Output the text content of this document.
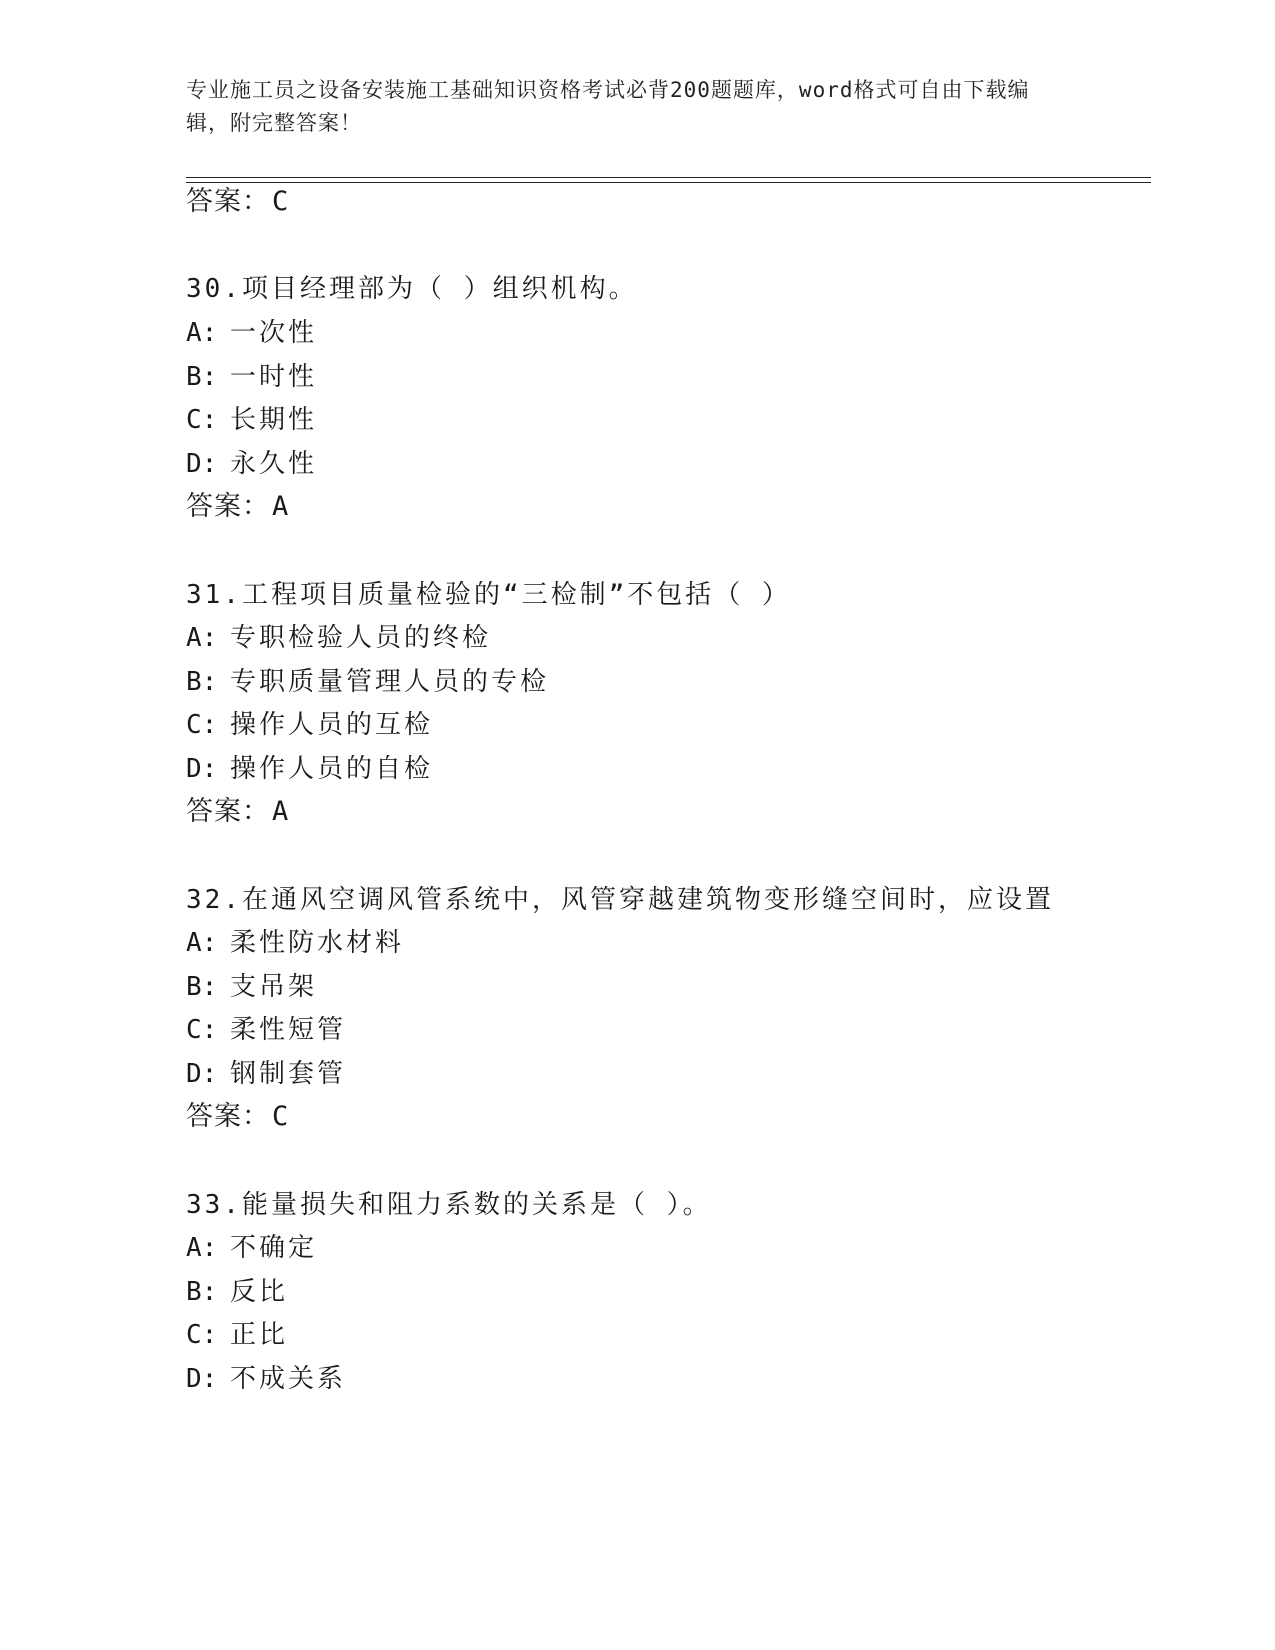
专业施工员之设备安装施工基础知识资格考试必背200题题库，word格式可自由下载编辑，附完整答案！
答案：C
30.项目经理部为（ ）组织机构。
A: 一次性
B: 一时性
C: 长期性
D: 永久性
答案：A
31.工程项目质量检验的“三检制”不包括（ ）
A: 专职检验人员的终检
B: 专职质量管理人员的专检
C: 操作人员的互检
D: 操作人员的自检
答案：A
32.在通风空调风管系统中，风管穿越建筑物变形缝空间时，应设置
A: 柔性防水材料
B: 支吊架
C: 柔性短管
D: 钢制套管
答案：C
33.能量损失和阻力系数的关系是（ ）。
A: 不确定
B: 反比
C: 正比
D: 不成关系
